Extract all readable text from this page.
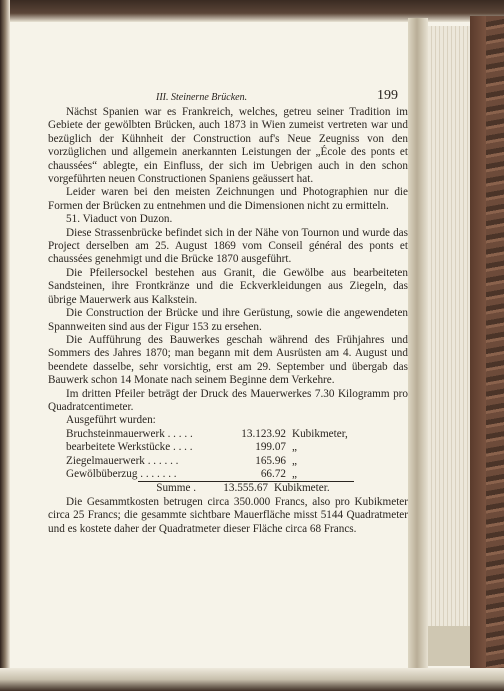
III. Steinerne Brücken.	199

Nächst Spanien war es Frankreich, welches, getreu seiner Tradition im Gebiete der gewölbten Brücken, auch 1873 in Wien zumeist vertreten war und bezüglich der Kühnheit der Construction auf's Neue Zeugniss von den vorzüglichen und allgemein anerkannten Leistungen der „École des ponts et chaussées“ ablegte, ein Einfluss, der sich im Uebrigen auch in den schon vorgeführten neuen Constructionen Spaniens geäussert hat.

Leider waren bei den meisten Zeichnungen und Photographien nur die Formen der Brücken zu entnehmen und die Dimensionen nicht zu ermitteln.

51. Viaduct von Duzon.

Diese Strassenbrücke befindet sich in der Nähe von Tournon und wurde das Project derselben am 25. August 1869 vom Conseil général des ponts et chaussées genehmigt und die Brücke 1870 ausgeführt.

Die Pfeilersockel bestehen aus Granit, die Gewölbe aus bearbeiteten Sandsteinen, ihre Frontkränze und die Eckverkleidungen aus Ziegeln, das übrige Mauerwerk aus Kalkstein.

Die Construction der Brücke und ihre Gerüstung, sowie die angewendeten Spannweiten sind aus der Figur 153 zu ersehen.

Die Aufführung des Bauwerkes geschah während des Frühjahres und Sommers des Jahres 1870; man begann mit dem Ausrüsten am 4. August und beendete dasselbe, sehr vorsichtig, erst am 29. September und übergab das Bauwerk schon 14 Monate nach seinem Beginne dem Verkehre.

Im dritten Pfeiler beträgt der Druck des Mauerwerkes 7.30 Kilogramm pro Quadratcentimeter.

Ausgeführt wurden:
Bruchsteinmauerwerk . . . . .	13.123.92 Kubikmeter,
bearbeitete Werkstücke . . . .	199.07 „
Ziegelmauerwerk . . . . . .	165.96 „
Gewölbüberzug . . . . . . .	66.72 „
Summe .	13.555.67 Kubikmeter.

Die Gesammtkosten betrugen circa 350.000 Francs, also pro Kubikmeter circa 25 Francs; die gesammte sichtbare Mauerfläche misst 5144 Quadratmeter und es kostete daher der Quadratmeter dieser Fläche circa 68 Francs.
